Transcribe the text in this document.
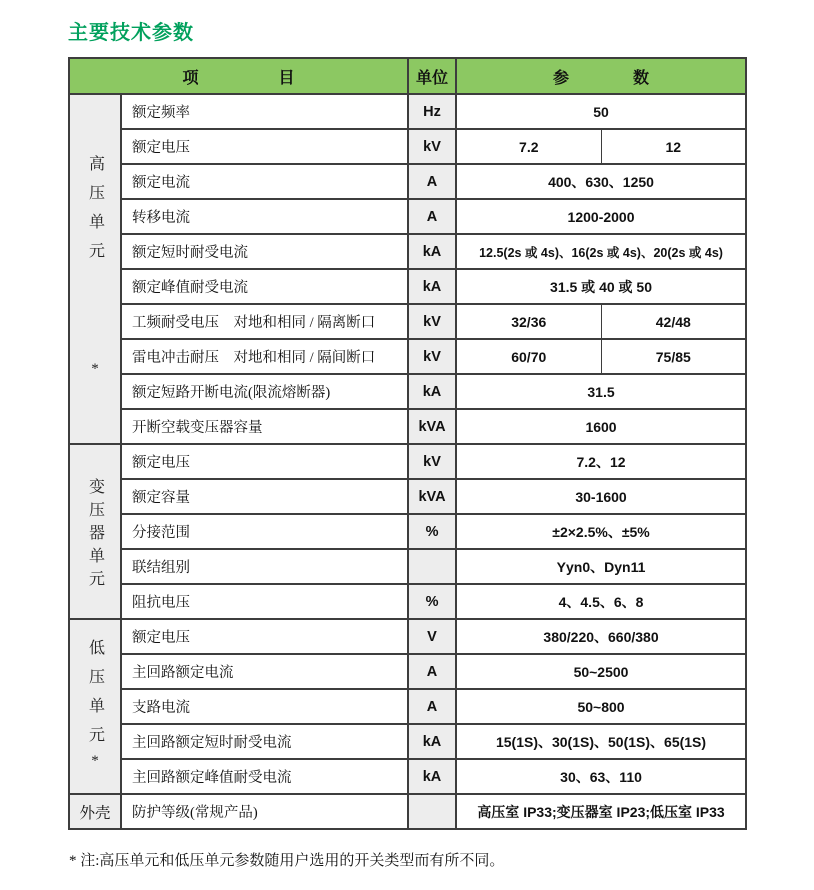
主要技术参数
项　　　　　目		单位	参　　　　数	

高压单元
*	额定频率	Hz	50	
	额定电压	kV	7.2	12
	额定电流	A	400、630、1250	
	转移电流	A	1200-2000	
	额定短时耐受电流	kA	12.5(2s 或 4s)、16(2s 或 4s)、20(2s 或 4s)	
	额定峰值耐受电流	kA	31.5 或 40 或 50	
	工频耐受电压　对地和相同 / 隔离断口	kV	32/36	42/48
	雷电冲击耐压　对地和相同 / 隔间断口	kV	60/70	75/85
	额定短路开断电流(限流熔断器)	kA	31.5	
	开断空载变压器容量	kVA	1600	

变压器单元	额定电压	kV	7.2、12	
	额定容量	kVA	30-1600	
	分接范围	%	±2×2.5%、±5%	
	联结组别		Yyn0、Dyn11	
	阻抗电压	%	4、4.5、6、8	

低压单元
*	额定电压	V	380/220、660/380	
	主回路额定电流	A	50~2500	
	支路电流	A	50~800	
	主回路额定短时耐受电流	kA	15(1S)、30(1S)、50(1S)、65(1S)	
	主回路额定峰值耐受电流	kA	30、63、110	
外壳	防护等级(常规产品)		高压室 IP33;变压器室 IP23;低压室 IP33	
* 注:高压单元和低压单元参数随用户选用的开关类型而有所不同。
